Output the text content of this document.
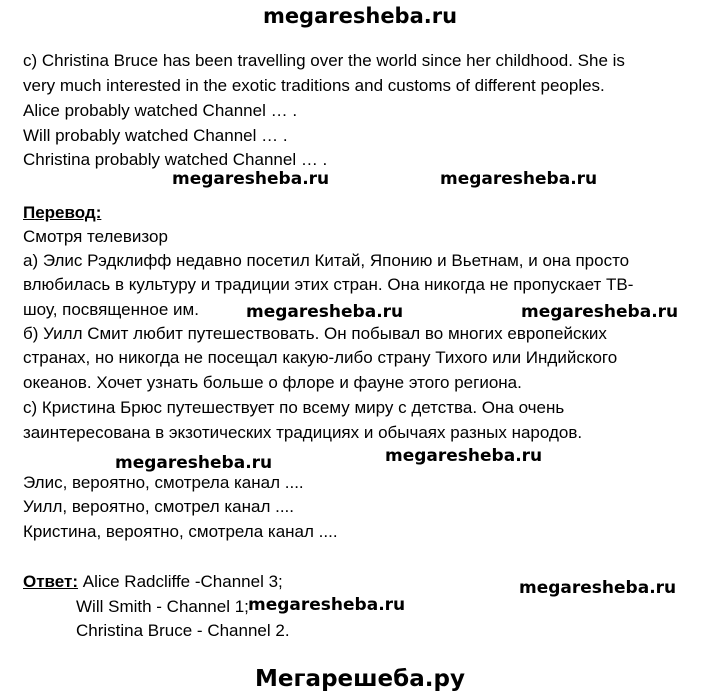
megaresheba.ru
c) Christina Bruce has been travelling over the world since her childhood. She is
very much interested in the exotic traditions and customs of different peoples.
Alice probably watched Channel … .
Will probably watched Channel … .
Christina probably watched Channel … .
Перевод:
Смотря телевизор
а) Элис Рэдклифф недавно посетил Китай, Японию и Вьетнам, и она просто
влюбилась в культуру и традиции этих стран. Она никогда не пропускает ТВ-
шоу, посвященное им.
б) Уилл Смит любит путешествовать. Он побывал во многих европейских
странах, но никогда не посещал какую-либо страну Тихого или Индийского
океанов. Хочет узнать больше о флоре и фауне этого региона.
с) Кристина Брюс путешествует по всему миру с детства. Она очень
заинтересована в экзотических традициях и обычаях разных народов.
Элис, вероятно, смотрела канал ....
Уилл, вероятно, смотрел канал ....
Кристина, вероятно, смотрела канал ....
Ответ: Alice Radcliffe -Channel 3;
Will Smith - Channel 1;
Christina Bruce - Channel 2.
megaresheba.ru	megaresheba.ru
megaresheba.ru	megaresheba.ru
megaresheba.ru	megaresheba.ru
megaresheba.ru
megaresheba.ru
Мегарешеба.ру
